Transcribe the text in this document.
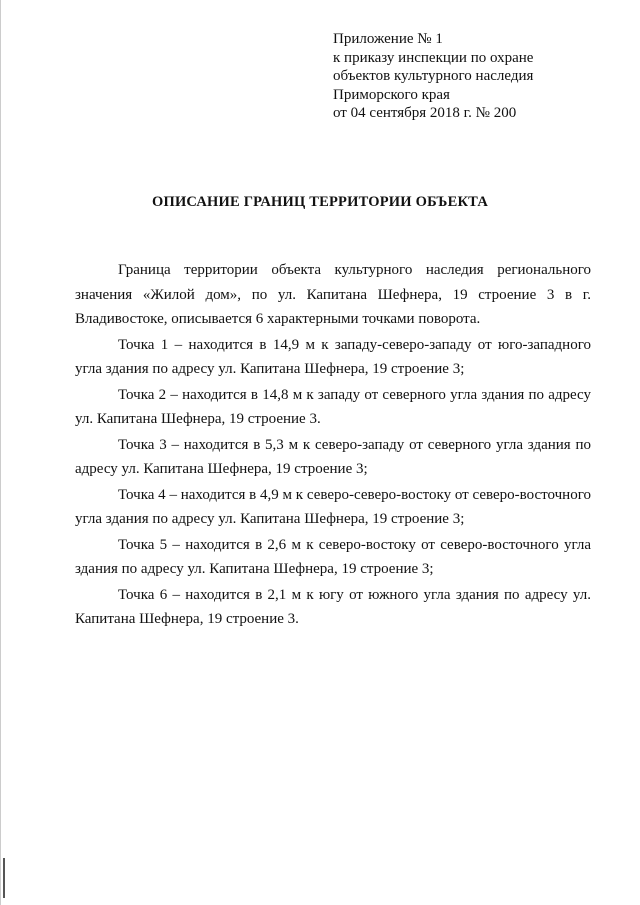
Приложение № 1
к приказу инспекции по охране
объектов культурного наследия
Приморского края
от 04 сентября 2018 г. № 200
ОПИСАНИЕ ГРАНИЦ ТЕРРИТОРИИ ОБЪЕКТА

Граница территории объекта культурного наследия регионального значения «Жилой дом», по ул. Капитана Шефнера, 19 строение 3 в г. Владивостоке, описывается 6 характерными точками поворота.

Точка 1 – находится в 14,9 м к западу-северо-западу от юго-западного угла здания по адресу ул. Капитана Шефнера, 19 строение 3;

Точка 2 – находится в 14,8 м к западу от северного угла здания по адресу ул. Капитана Шефнера, 19 строение 3.

Точка 3 – находится в 5,3 м к северо-западу от северного угла здания по адресу ул. Капитана Шефнера, 19 строение 3;

Точка 4 – находится в 4,9 м к северо-северо-востоку от северо-восточного угла здания по адресу ул. Капитана Шефнера, 19 строение 3;

Точка 5 – находится в 2,6 м к северо-востоку от северо-восточного угла здания по адресу ул. Капитана Шефнера, 19 строение 3;

Точка 6 – находится в 2,1 м к югу от южного угла здания по адресу ул. Капитана Шефнера, 19 строение 3.
